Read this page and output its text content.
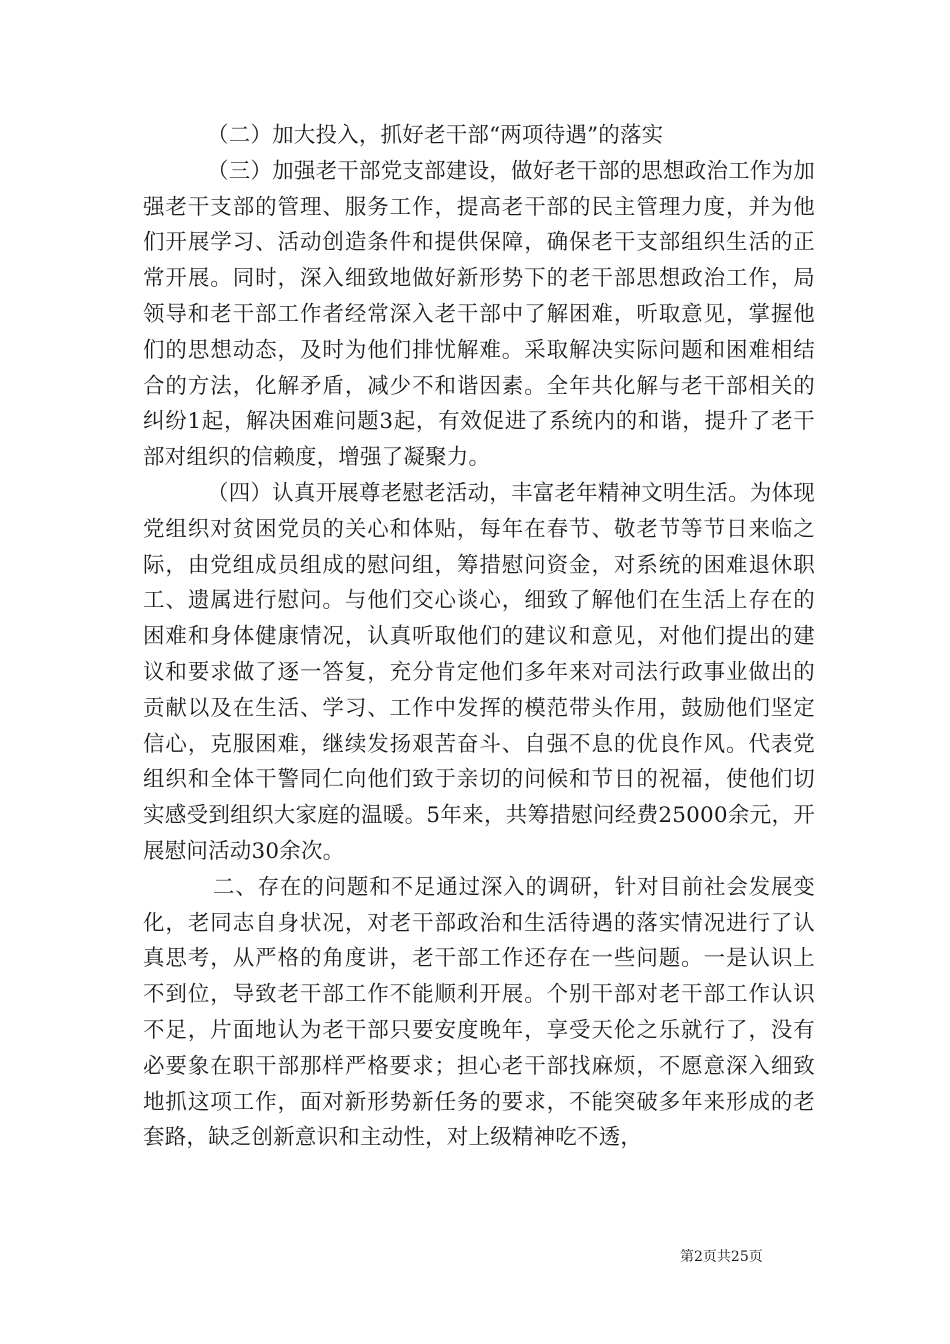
（二）加大投入，抓好老干部“两项待遇”的落实

（三）加强老干部党支部建设，做好老干部的思想政治工作为加强老干支部的管理、服务工作，提高老干部的民主管理力度，并为他们开展学习、活动创造条件和提供保障，确保老干支部组织生活的正常开展。同时，深入细致地做好新形势下的老干部思想政治工作，局领导和老干部工作者经常深入老干部中了解困难，听取意见，掌握他们的思想动态，及时为他们排忧解难。采取解决实际问题和困难相结合的方法，化解矛盾，减少不和谐因素。全年共化解与老干部相关的纠纷1起，解决困难问题3起，有效促进了系统内的和谐，提升了老干部对组织的信赖度，增强了凝聚力。

（四）认真开展尊老慰老活动，丰富老年精神文明生活。为体现党组织对贫困党员的关心和体贴，每年在春节、敬老节等节日来临之际，由党组成员组成的慰问组，筹措慰问资金，对系统的困难退休职工、遗属进行慰问。与他们交心谈心，细致了解他们在生活上存在的困难和身体健康情况，认真听取他们的建议和意见，对他们提出的建议和要求做了逐一答复，充分肯定他们多年来对司法行政事业做出的贡献以及在生活、学习、工作中发挥的模范带头作用，鼓励他们坚定信心，克服困难，继续发扬艰苦奋斗、自强不息的优良作风。代表党组织和全体干警同仁向他们致于亲切的问候和节日的祝福，使他们切实感受到组织大家庭的温暖。5年来，共筹措慰问经费25000余元，开展慰问活动30余次。

二、存在的问题和不足通过深入的调研，针对目前社会发展变化，老同志自身状况，对老干部政治和生活待遇的落实情况进行了认真思考，从严格的角度讲，老干部工作还存在一些问题。一是认识上不到位，导致老干部工作不能顺利开展。个别干部对老干部工作认识不足，片面地认为老干部只要安度晚年，享受天伦之乐就行了，没有必要象在职干部那样严格要求；担心老干部找麻烦，不愿意深入细致地抓这项工作，面对新形势新任务的要求，不能突破多年来形成的老套路，缺乏创新意识和主动性，对上级精神吃不透，

第2页共25页
